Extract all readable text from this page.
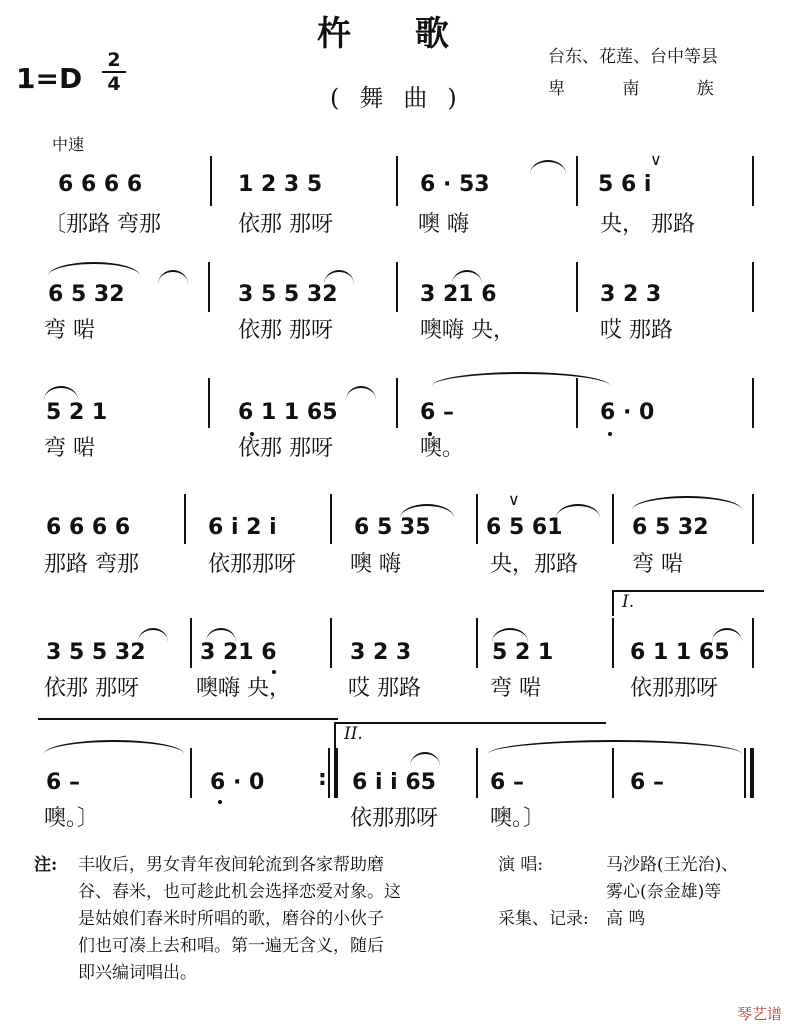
杵 歌
(舞曲)
1=D
2
4
台东、花莲、台中等县
卑 南 族
中速
6 6 6 6	1 2 3 5	6 · 53	5 6 i
∨
〔那路 弯那	依那 那呀	噢 嗨	央， 那路
6 5 32	3 5 5 32	3 21 6	3 2 3
弯 啱	依那 那呀	噢嗨 央，	哎 那路
5 2 1	6 1 1 65	6 –	6 · 0
弯 啱	依那 那呀	噢。
∨
6 6 6 6	6 i 2 i	6 5 35	6 5 61	6 5 32
那路 弯那	依那那呀 噢 嗨	央，那路 弯 啱
I.
3 5 5 32 3 21 6	3 2 3	5 2 1	6 1 1 65
依那 那呀	噢嗨 央，	哎 那路	弯 啱	依那那呀
II.
6 –	6 · 0	6 i i 65 6 –	6 –
:
噢。〕	依那那呀 噢。〕
注: 丰收后，男女青年夜间轮流到各家帮助磨
谷、舂米，也可趁此机会选择恋爱对象。这
是姑娘们舂米时所唱的歌，磨谷的小伙子
们也可凑上去和唱。第一遍无含义，随后
即兴编词唱出。
演 唱:	马沙路(王光治)、
雾心(奈金雄)等
采集、记录: 高 鸣
琴艺谱
